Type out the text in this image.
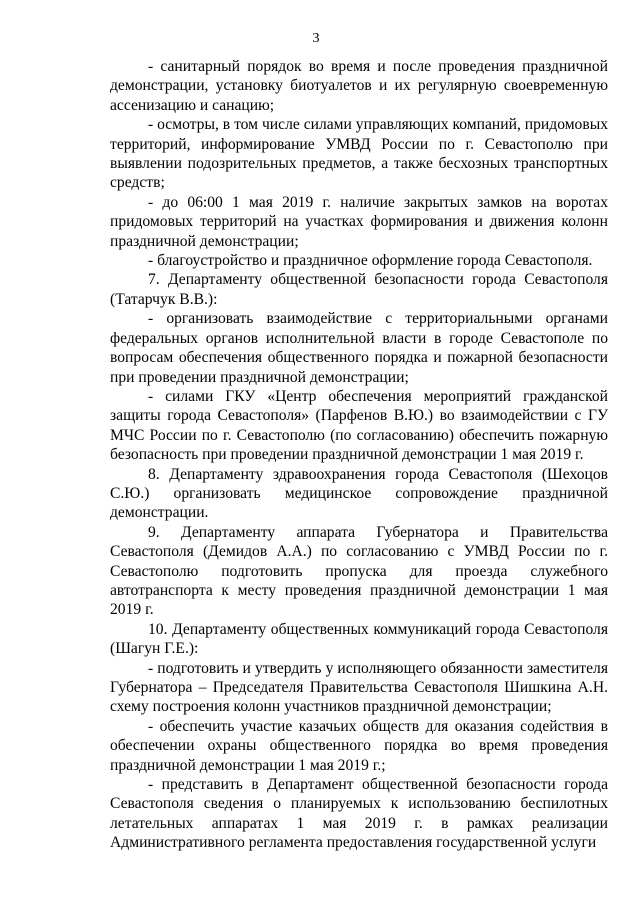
3

- санитарный порядок во время и после проведения праздничной демонстрации, установку биотуалетов и их регулярную своевременную ассенизацию и санацию;

- осмотры, в том числе силами управляющих компаний, придомовых территорий, информирование УМВД России по г. Севастополю при выявлении подозрительных предметов, а также бесхозных транспортных средств;

- до 06:00 1 мая 2019 г. наличие закрытых замков на воротах придомовых территорий на участках формирования и движения колонн праздничной демонстрации;

- благоустройство и праздничное оформление города Севастополя.

7. Департаменту общественной безопасности города Севастополя (Татарчук В.В.):

- организовать взаимодействие с территориальными органами федеральных органов исполнительной власти в городе Севастополе по вопросам обеспечения общественного порядка и пожарной безопасности при проведении праздничной демонстрации;

- силами ГКУ «Центр обеспечения мероприятий гражданской защиты города Севастополя» (Парфенов В.Ю.) во взаимодействии с ГУ МЧС России по г. Севастополю (по согласованию) обеспечить пожарную безопасность при проведении праздничной демонстрации 1 мая 2019 г.

8. Департаменту здравоохранения города Севастополя (Шехоцов С.Ю.) организовать медицинское сопровождение праздничной демонстрации.

9. Департаменту аппарата Губернатора и Правительства Севастополя (Демидов А.А.) по согласованию с УМВД России по г. Севастополю подготовить пропуска для проезда служебного автотранспорта к месту проведения праздничной демонстрации 1 мая 2019 г.

10. Департаменту общественных коммуникаций города Севастополя (Шагун Г.Е.):

- подготовить и утвердить у исполняющего обязанности заместителя Губернатора – Председателя Правительства Севастополя Шишкина А.Н. схему построения колонн участников праздничной демонстрации;

- обеспечить участие казачьих обществ для оказания содействия в обеспечении охраны общественного порядка во время проведения праздничной демонстрации 1 мая 2019 г.;

- представить в Департамент общественной безопасности города Севастополя сведения о планируемых к использованию беспилотных летательных аппаратах 1 мая 2019 г. в рамках реализации Административного регламента предоставления государственной услуги
